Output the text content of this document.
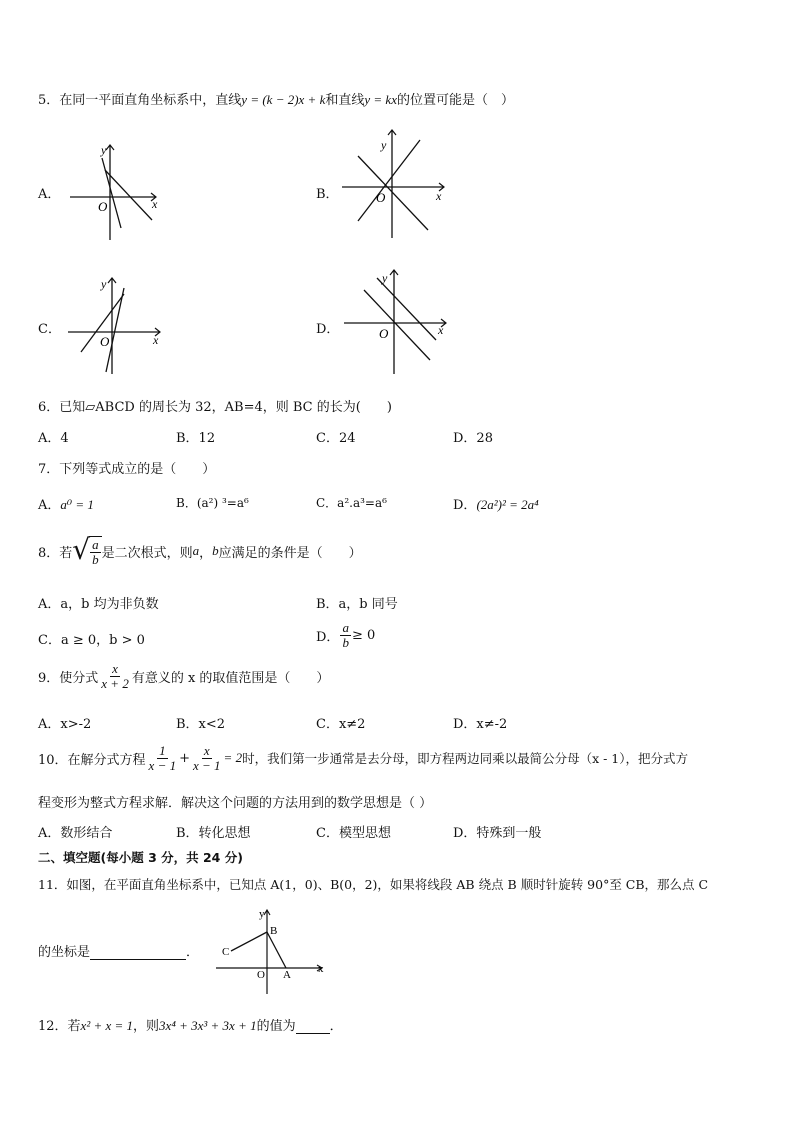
5．在同一平面直角坐标系中，直线y = (k − 2)x + k和直线y = kx的位置可能是（　）
A．
y
x
O
B．
y
x
O
C．
y
x
O
D．
y
x
O
6．已知▱ABCD 的周长为 32，AB=4，则 BC 的长为(　　)
A．4	B．12	C．24	D．28
7．下列等式成立的是（　　）
A．a⁰ = 1	B．(a²) ³=a⁶	C．a².a³=a⁶	D．(2a²)² = 2a⁴
8．若 √ $\frac{a}{b}$ 是二次根式，则 a ， b 应满足的条件是（　　）
A．a，b 均为非负数	B．a，b 同号
C．a ≥ 0，b > 0	D． $\frac{a}{b} \ge 0$
9．使分式 $\frac{x}{x + 2}$ 有意义的 x 的取值范围是（　　）
A．x>-2	B．x<2	C．x≠2	D．x≠-2
10．在解分式方程 $\frac{1}{x - 1} + \frac{x}{x - 1} = 2$ 时，我们第一步通常是去分母，即方程两边同乘以最简公分母（x - 1），把分式方
程变形为整式方程求解．解决这个问题的方法用到的数学思想是（ ）
A．数形结合	B．转化思想	C．模型思想	D．特殊到一般
二、填空题(每小题 3 分，共 24 分)
11．如图，在平面直角坐标系中，已知点 A(1，0)、B(0，2)，如果将线段 AB 绕点 B 顺时针旋转 90°至 CB，那么点 C
的坐标是	．
y
x
B
C
O A
12．若 x² + x = 1 ，则 3x⁴ + 3x³ + 3x + 1 的值为	．
